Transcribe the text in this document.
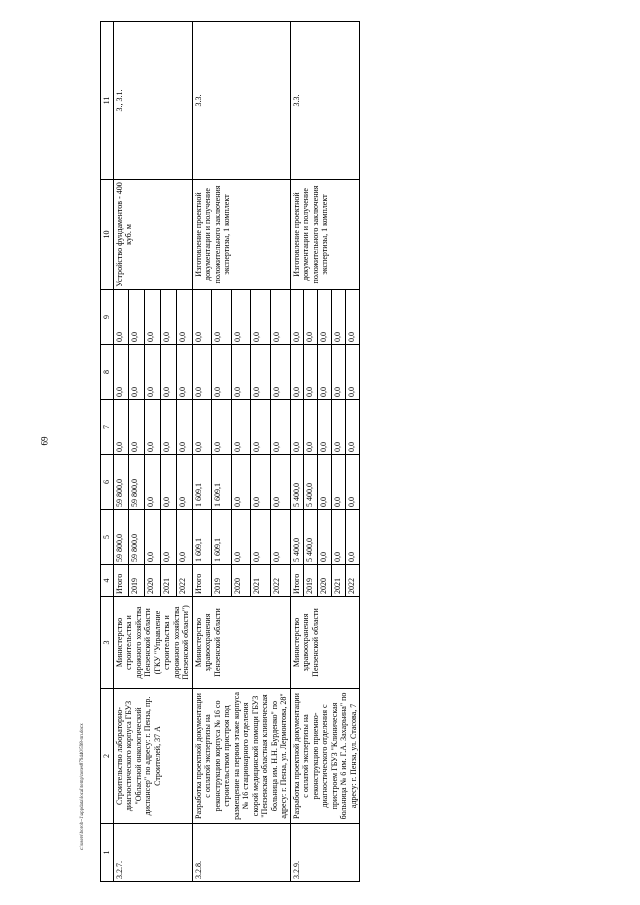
69
c:\users\borob~1\appdata\local\temp\notes879440\598-пп.docx
1	2	3	4	5	6	7	8	9	10	11
3.2.7.	Строительство лабораторно-диагностического корпуса ГБУЗ "Областной онкологический диспансер" по адресу: г. Пенза, пр. Строителей, 37 А	Министерство строительства и дорожного хозяйства Пензенской области (ГКУ "Управление строительства и дорожного хозяйства Пензенской области")	Итого	59 800,0	59 800,0	0,0	0,0	0,0	Устройство фундаментов - 400 куб. м	3., 3.1.
			2019	59 800,0	59 800,0	0,0	0,0	0,0		
			2020	0,0	0,0	0,0	0,0	0,0		
			2021	0,0	0,0	0,0	0,0	0,0		
			2022	0,0	0,0	0,0	0,0	0,0		
3.2.8.	Разработка проектной документации с оплатой экспертизы на реконструкцию корпуса № 16 со строительством пристроя под размещение на первом этаже корпуса № 16 стационарного отделения скорой медицинской помощи ГБУЗ "Пензенская областная клиническая больница им. Н.Н. Бурденко" по адресу: г. Пенза, ул. Лермонтова, 28"	Министерство здравоохранения Пензенской области	Итого	1 609,1	1 609,1	0,0	0,0	0,0	Изготовление проектной документации и получение положительного заключения экспертизы, 1 комплект	3.3.
			2019	1 609,1	1 609,1	0,0	0,0	0,0		
			2020	0,0	0,0	0,0	0,0	0,0		
			2021	0,0	0,0	0,0	0,0	0,0		
			2022	0,0	0,0	0,0	0,0	0,0		
3.2.9.	Разработка проектной документации с оплатой экспертизы на реконструкцию приемно-диагностического отделения с пристроем ГБУЗ "Клиническая больница № 6 им. Г.А. Захарьина" по адресу: г. Пенза, ул. Стасова, 7	Министерство здравоохранения Пензенской области	Итого	5 400,0	5 400,0	0,0	0,0	0,0	Изготовление проектной документации и получение положительного заключения экспертизы, 1 комплект	3.3.
			2019	5 400,0	5 400,0	0,0	0,0	0,0		
			2020	0,0	0,0	0,0	0,0	0,0		
			2021	0,0	0,0	0,0	0,0	0,0		
			2022	0,0	0,0	0,0	0,0	0,0		
